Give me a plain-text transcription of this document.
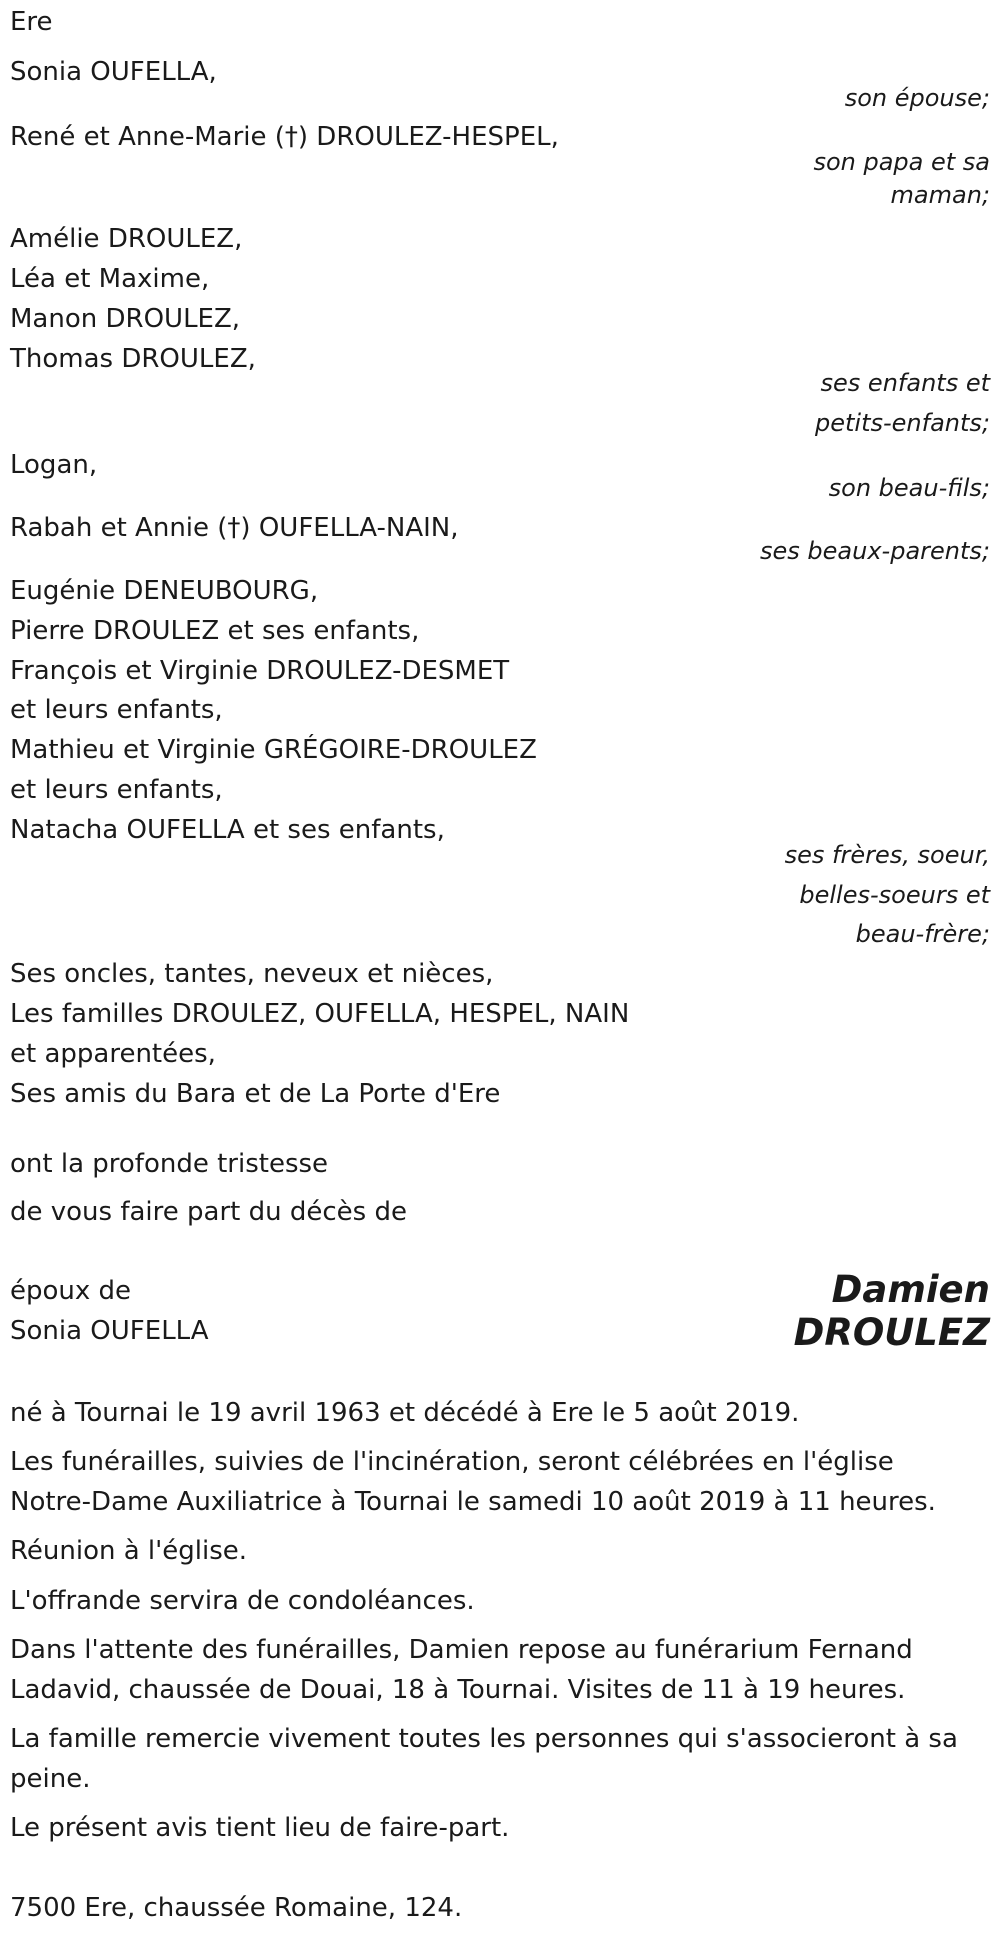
Ere
Sonia OUFELLA,
son épouse;
René et Anne-Marie (†) DROULEZ-HESPEL,
son papa et sa
maman;
Amélie DROULEZ,
Léa et Maxime,
Manon DROULEZ,
Thomas DROULEZ,
ses enfants et
petits-enfants;
Logan,
son beau-fils;
Rabah et Annie (†) OUFELLA-NAIN,
ses beaux-parents;
Eugénie DENEUBOURG,
Pierre DROULEZ et ses enfants,
François et Virginie DROULEZ-DESMET
et leurs enfants,
Mathieu et Virginie GRÉGOIRE-DROULEZ
et leurs enfants,
Natacha OUFELLA et ses enfants,
ses frères, soeur,
belles-soeurs et
beau-frère;
Ses oncles, tantes, neveux et nièces,
Les familles DROULEZ, OUFELLA, HESPEL, NAIN
et apparentées,
Ses amis du Bara et de La Porte d'Ere
ont la profonde tristesse
de vous faire part du décès de
époux de
Sonia OUFELLA
Damien
DROULEZ
né à Tournai le 19 avril 1963 et décédé à Ere le 5 août 2019.
Les funérailles, suivies de l'incinération, seront célébrées en l'église
Notre-Dame Auxiliatrice à Tournai le samedi 10 août 2019 à 11 heures.
Réunion à l'église.
L'offrande servira de condoléances.
Dans l'attente des funérailles, Damien repose au funérarium Fernand
Ladavid, chaussée de Douai, 18 à Tournai. Visites de 11 à 19 heures.
La famille remercie vivement toutes les personnes qui s'associeront à sa
peine.
Le présent avis tient lieu de faire-part.
7500 Ere, chaussée Romaine, 124.
